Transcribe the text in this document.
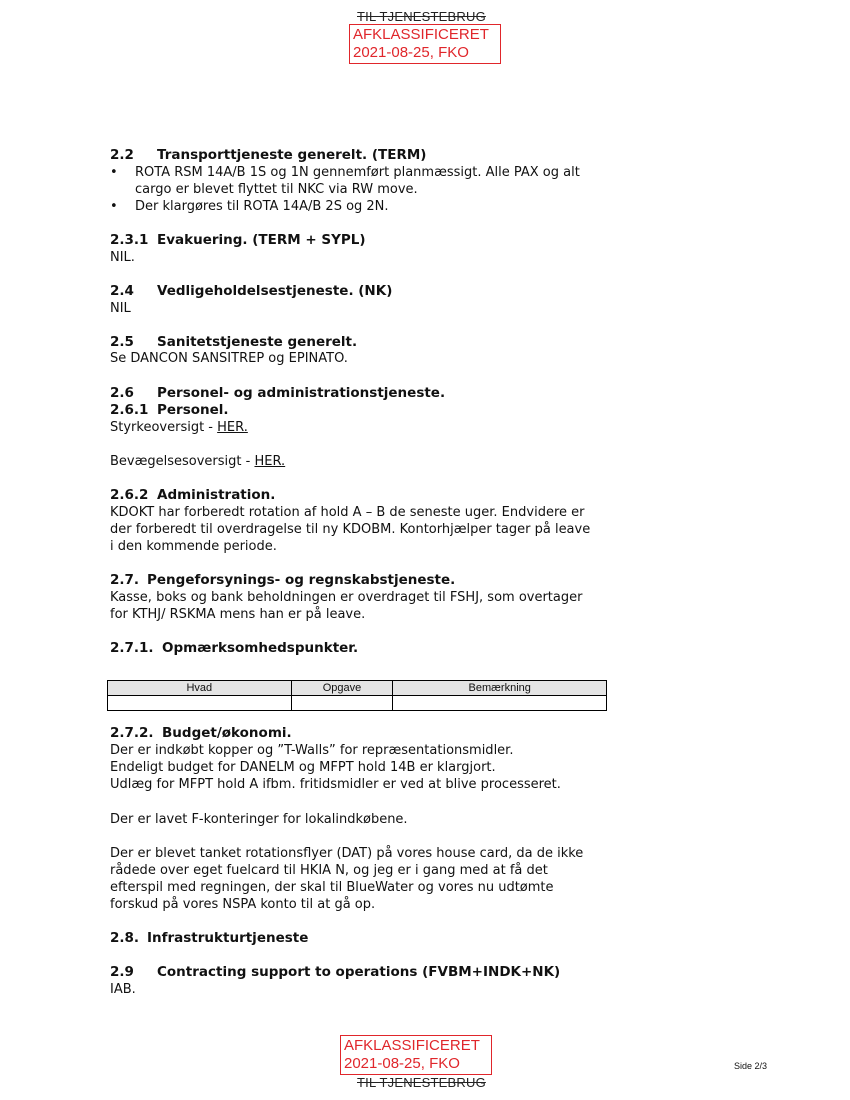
TIL TJENESTEBRUG
AFKLASSIFICERET
2021-08-25, FKO
2.2 Transporttjeneste generelt. (TERM)
• ROTA RSM 14A/B 1S og 1N gennemført planmæssigt. Alle PAX og alt cargo er blevet flyttet til NKC via RW move.
• Der klargøres til ROTA 14A/B 2S og 2N.
2.3.1 Evakuering. (TERM + SYPL)
NIL.
2.4 Vedligeholdelsestjeneste. (NK)
NIL
2.5 Sanitetstjeneste generelt.
Se DANCON SANSITREP og EPINATO.
2.6 Personel- og administrationstjeneste.
2.6.1 Personel.
Styrkeoversigt - HER.
Bevægelsesoversigt - HER.
2.6.2 Administration.
KDOKT har forberedt rotation af hold A – B de seneste uger. Endvidere er
der forberedt til overdragelse til ny KDOBM. Kontorhjælper tager på leave
i den kommende periode.
2.7. Pengeforsynings- og regnskabstjeneste.
Kasse, boks og bank beholdningen er overdraget til FSHJ, som overtager
for KTHJ/ RSKMA mens han er på leave.
2.7.1. Opmærksomhedspunkter.
Hvad	Opgave	Bemærkning

2.7.2. Budget/økonomi.
Der er indkøbt kopper og ”T-Walls” for repræsentationsmidler.
Endeligt budget for DANELM og MFPT hold 14B er klargjort.
Udlæg for MFPT hold A ifbm. fritidsmidler er ved at blive processeret.
Der er lavet F-konteringer for lokalindkøbene.
Der er blevet tanket rotationsflyer (DAT) på vores house card, da de ikke
rådede over eget fuelcard til HKIA N, og jeg er i gang med at få det
efterspil med regningen, der skal til BlueWater og vores nu udtømte
forskud på vores NSPA konto til at gå op.
2.8. Infrastrukturtjeneste
2.9 Contracting support to operations (FVBM+INDK+NK)
IAB.
AFKLASSIFICERET
2021-08-25, FKO
TIL TJENESTEBRUG
Side 2/3
